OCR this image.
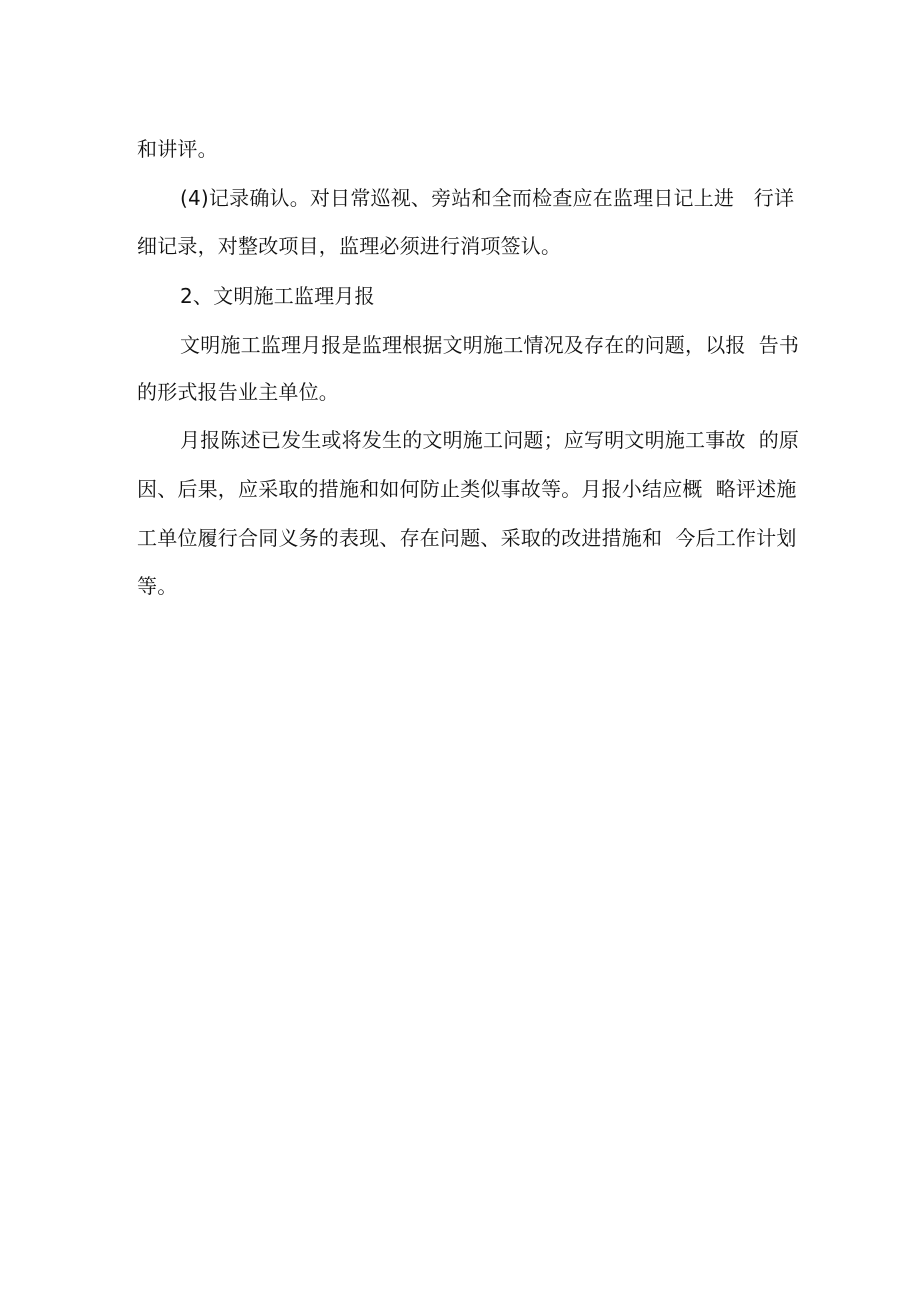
和讲评。
(4)记录确认。对日常巡视、旁站和全而检查应在监理日记上进   行详
细记录，对整改项目，监理必须进行消项签认。
2、文明施工监理月报
文明施工监理月报是监理根据文明施工情况及存在的问题，以报  告书
的形式报告业主单位。
月报陈述已发生或将发生的文明施工问题；应写明文明施工事故  的原
因、后果，应采取的措施和如何防止类似事故等。月报小结应概  略评述施
工单位履行合同义务的表现、存在问题、采取的改进措施和  今后工作计划
等。
